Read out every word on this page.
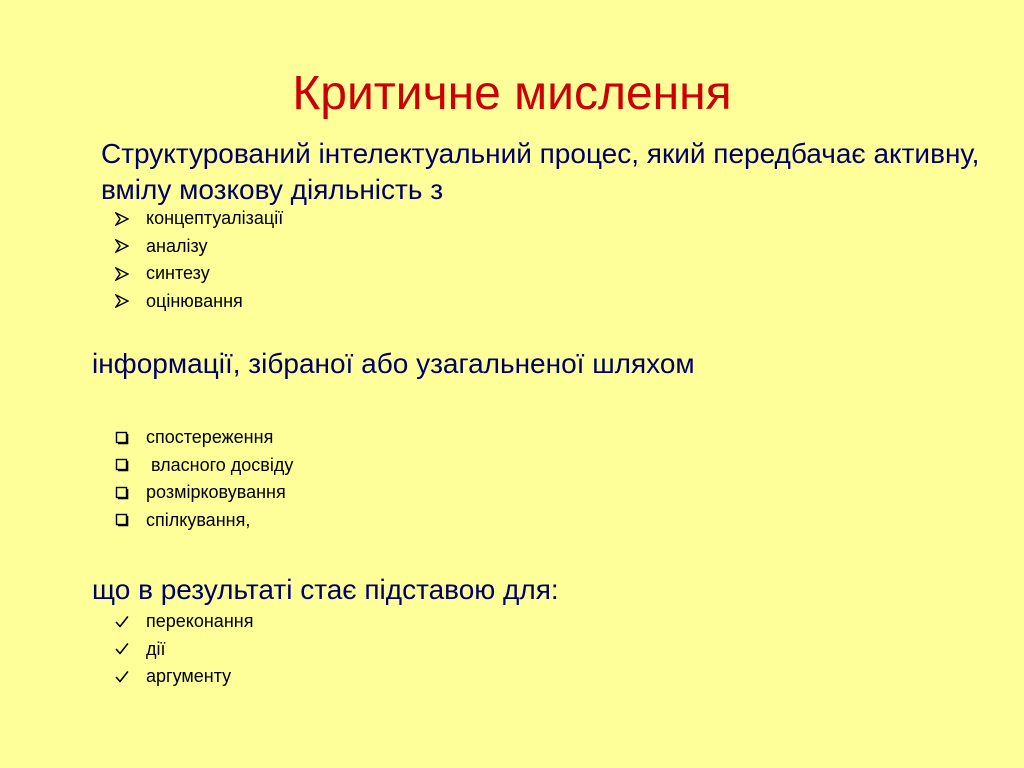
Критичне мислення

Структурований інтелектуальний процес, який передбачає активну, вмілу мозкову діяльність з

концептуалізації
аналізу
синтезу
оцінювання

інформації, зібраної або узагальненої шляхом

спостереження
власного досвіду
розмірковування
спілкування,

що в результаті стає підставою для:

переконання
дії
аргументу
